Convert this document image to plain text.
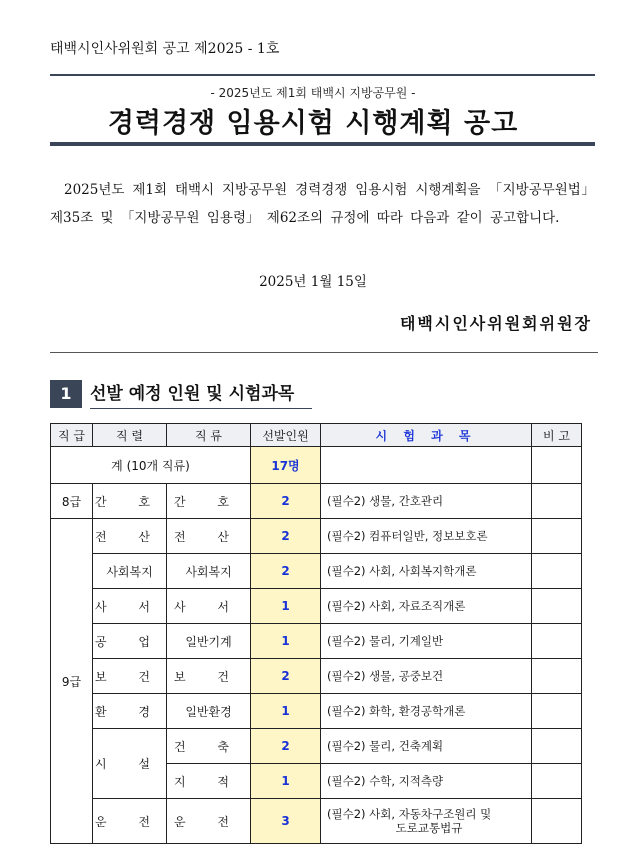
태백시인사위원회 공고 제2025 - 1호
- 2025년도 제1회 태백시 지방공무원 -
경력경쟁 임용시험 시행계획 공고
2025년도 제1회 태백시 지방공무원 경력경쟁 임용시험 시행계획을 「지방공무원법」 제35조 및 「지방공무원 임용령」 제62조의 규정에 따라 다음과 같이 공고합니다.
2025년 1월 15일
태백시인사위원회위원장
1	선발 예정 인원 및 시험과목
직 급	직 렬	직 류	선발인원	시 험 과 목	비 고
계 (10개 직류)			17명		
8급	간 호	간 호	2	(필수2) 생물, 간호관리	
9급	전 산	전 산	2	(필수2) 컴퓨터일반, 정보보호론	
	사회복지	사회복지	2	(필수2) 사회, 사회복지학개론	
	사 서	사 서	1	(필수2) 사회, 자료조직개론	
	공 업	일반기계	1	(필수2) 물리, 기계일반	
	보 건	보 건	2	(필수2) 생물, 공중보건	
	환 경	일반환경	1	(필수2) 화학, 환경공학개론	
	시 설	건 축	2	(필수2) 물리, 건축계획	
		지 적	1	(필수2) 수학, 지적측량	
	운 전	운 전	3	(필수2) 사회, 자동차구조원리 및
도로교통법규	
